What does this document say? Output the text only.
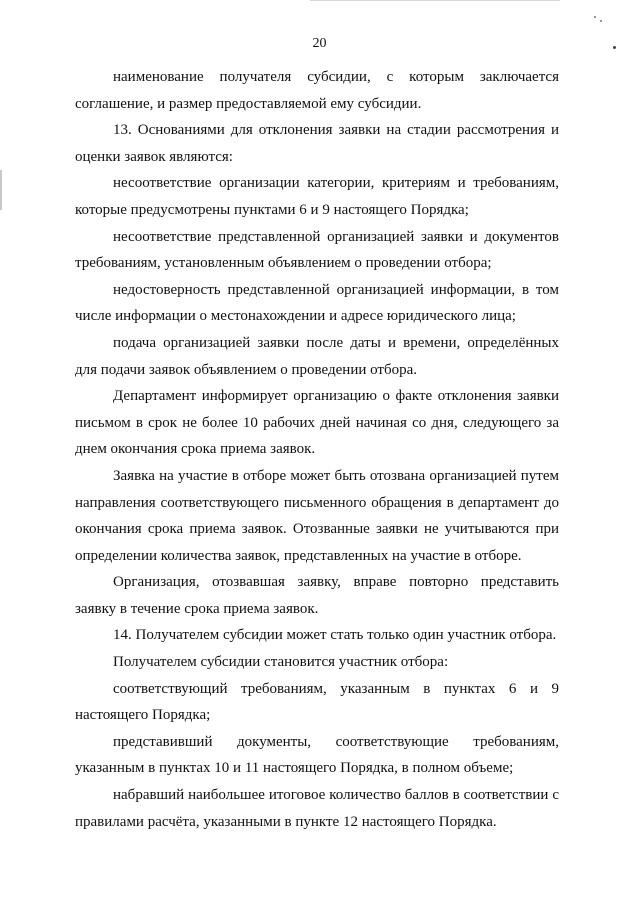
20

наименование получателя субсидии, с которым заключается соглашение, и размер предоставляемой ему субсидии.

13. Основаниями для отклонения заявки на стадии рассмотрения и оценки заявок являются:

несоответствие организации категории, критериям и требованиям, которые предусмотрены пунктами 6 и 9 настоящего Порядка;

несоответствие представленной организацией заявки и документов требованиям, установленным объявлением о проведении отбора;

недостоверность представленной организацией информации, в том числе информации о местонахождении и адресе юридического лица;

подача организацией заявки после даты и времени, определённых для подачи заявок объявлением о проведении отбора.

Департамент информирует организацию о факте отклонения заявки письмом в срок не более 10 рабочих дней начиная со дня, следующего за днем окончания срока приема заявок.

Заявка на участие в отборе может быть отозвана организацией путем направления соответствующего письменного обращения в департамент до окончания срока приема заявок. Отозванные заявки не учитываются при определении количества заявок, представленных на участие в отборе.

Организация, отозвавшая заявку, вправе повторно представить заявку в течение срока приема заявок.

14. Получателем субсидии может стать только один участник отбора.

Получателем субсидии становится участник отбора:

соответствующий требованиям, указанным в пунктах 6 и 9 настоящего Порядка;

представивший документы, соответствующие требованиям, указанным в пунктах 10 и 11 настоящего Порядка, в полном объеме;

набравший наибольшее итоговое количество баллов в соответствии с правилами расчёта, указанными в пункте 12 настоящего Порядка.
